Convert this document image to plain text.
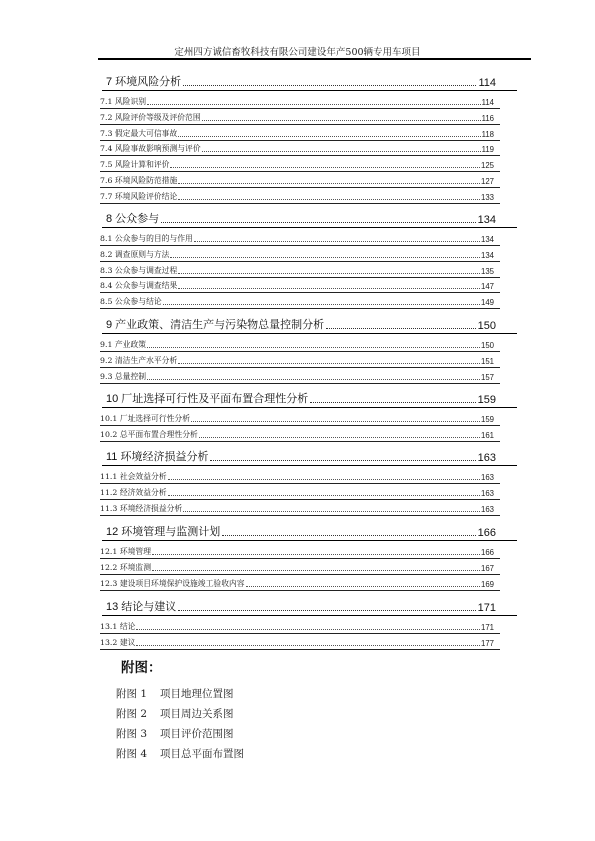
定州四方诚信畜牧科技有限公司建设年产500辆专用车项目
7 环境风险分析	114
7.1 风险识别	114
7.2 风险评价等级及评价范围	116
7.3 假定最大可信事故	118
7.4 风险事故影响预测与评价	119
7.5 风险计算和评价	125
7.6 环境风险防范措施	127
7.7 环境风险评价结论	133
8 公众参与	134
8.1 公众参与的目的与作用	134
8.2 调查原则与方法	134
8.3 公众参与调查过程	135
8.4 公众参与调查结果	147
8.5 公众参与结论	149
9 产业政策、清洁生产与污染物总量控制分析	150
9.1 产业政策	150
9.2 清洁生产水平分析	151
9.3 总量控制	157
10 厂址选择可行性及平面布置合理性分析	159
10.1 厂址选择可行性分析	159
10.2 总平面布置合理性分析	161
11 环境经济损益分析	163
11.1 社会效益分析	163
11.2 经济效益分析	163
11.3 环境经济损益分析	163
12 环境管理与监测计划	166
12.1 环境管理	166
12.2 环境监测	167
12.3 建设项目环境保护设施竣工验收内容	169
13 结论与建议	171
13.1 结论	171
13.2 建议	177
附图：
附图 1 项目地理位置图
附图 2 项目周边关系图
附图 3 项目评价范围图
附图 4 项目总平面布置图
